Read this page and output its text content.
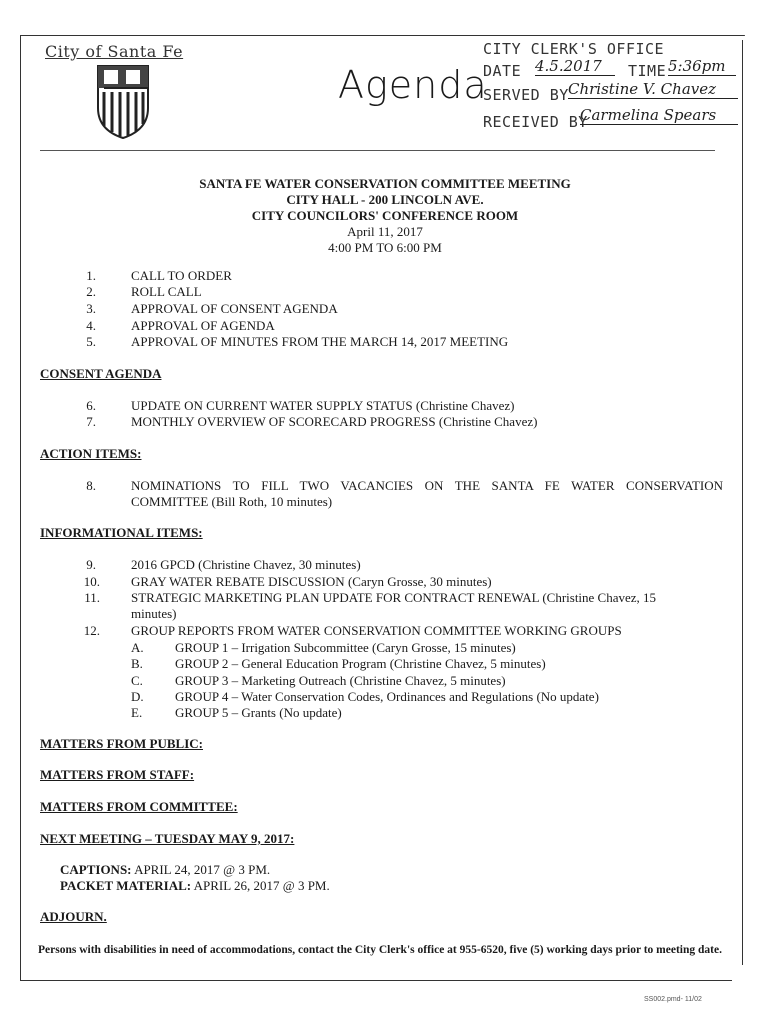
City of Santa Fe
Agenda
CITY CLERK'S OFFICE
DATE 4.5.2017	TIME 5:36pm
SERVED BY Christine V. Chavez
RECEIVED BY
Carmelina Spears
SANTA FE WATER CONSERVATION COMMITTEE MEETING
CITY HALL - 200 LINCOLN AVE.
CITY COUNCILORS' CONFERENCE ROOM
April 11, 2017
4:00 PM TO 6:00 PM
1.	CALL TO ORDER
2.	ROLL CALL
3.	APPROVAL OF CONSENT AGENDA
4.	APPROVAL OF AGENDA
5.	APPROVAL OF MINUTES FROM THE MARCH 14, 2017 MEETING
CONSENT AGENDA
6.	UPDATE ON CURRENT WATER SUPPLY STATUS (Christine Chavez)
7.	MONTHLY OVERVIEW OF SCORECARD PROGRESS (Christine Chavez)
ACTION ITEMS:
8.	NOMINATIONS TO FILL TWO VACANCIES ON THE SANTA FE WATER CONSERVATION
COMMITTEE (Bill Roth, 10 minutes)
INFORMATIONAL ITEMS:
9.	2016 GPCD (Christine Chavez, 30 minutes)
10. GRAY WATER REBATE DISCUSSION (Caryn Grosse, 30 minutes)
11. STRATEGIC MARKETING PLAN UPDATE FOR CONTRACT RENEWAL (Christine Chavez, 15
minutes)
12. GROUP REPORTS FROM WATER CONSERVATION COMMITTEE WORKING GROUPS
A. GROUP 1 – Irrigation Subcommittee (Caryn Grosse, 15 minutes)
B. GROUP 2 – General Education Program (Christine Chavez, 5 minutes)
C. GROUP 3 – Marketing Outreach (Christine Chavez, 5 minutes)
D. GROUP 4 – Water Conservation Codes, Ordinances and Regulations (No update)
E.	GROUP 5 – Grants (No update)
MATTERS FROM PUBLIC:
MATTERS FROM STAFF:
MATTERS FROM COMMITTEE:
NEXT MEETING – TUESDAY MAY 9, 2017:
CAPTIONS: APRIL 24, 2017 @ 3 PM.
PACKET MATERIAL: APRIL 26, 2017 @ 3 PM.
ADJOURN.
Persons with disabilities in need of accommodations, contact the City Clerk's office at 955-6520, five (5) working days prior to meeting date.
SS002.pmd- 11/02
